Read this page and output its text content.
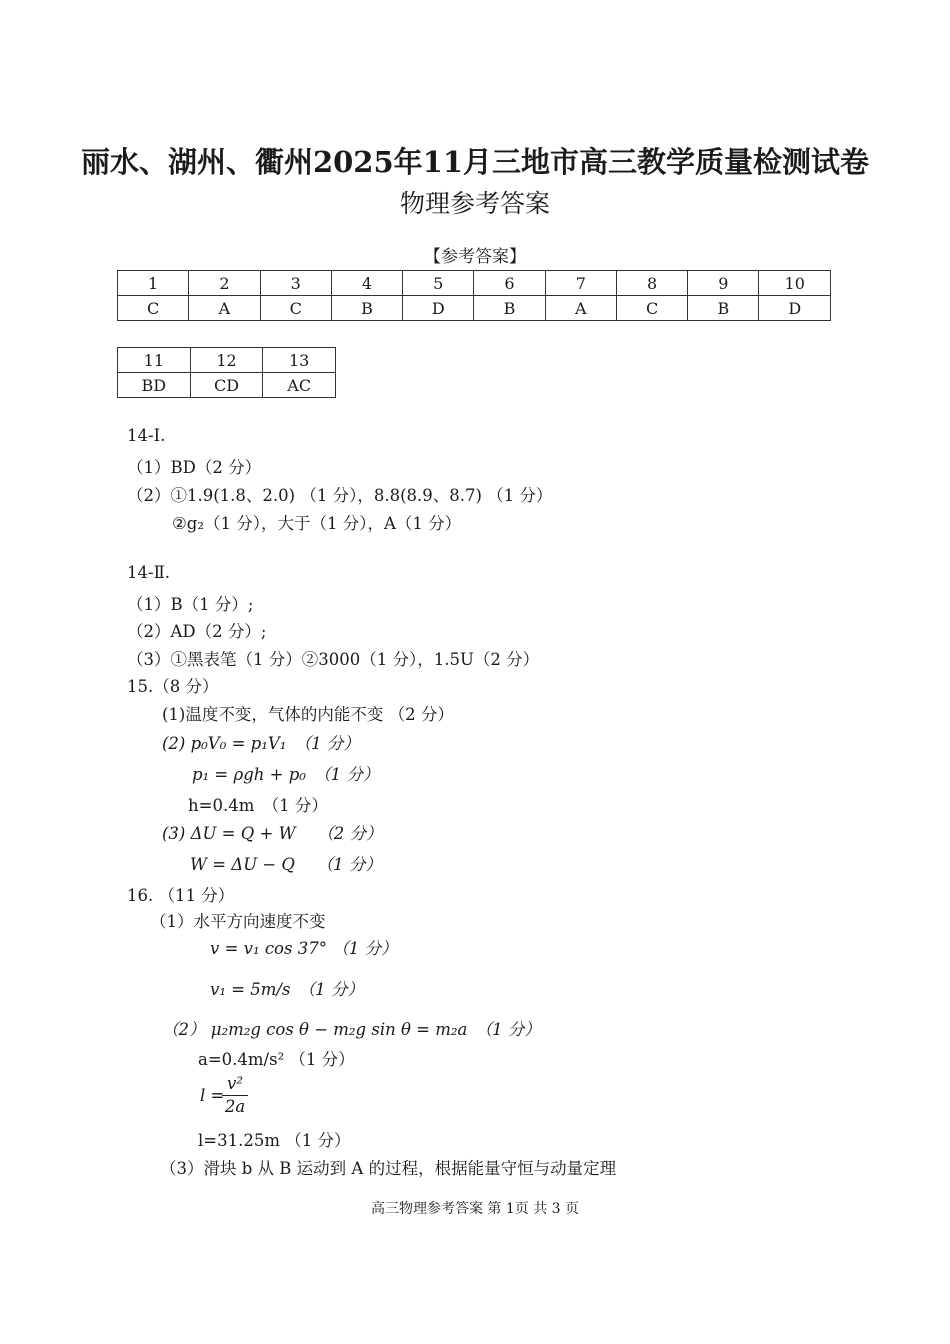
丽水、湖州、衢州2025年11月三地市高三教学质量检测试卷
物理参考答案
【参考答案】
1	2	3	4	5	6	7	8	9	10
C	A	C	B	D	B	A	C	B	D
11	12	13
BD	CD	AC
14-Ⅰ.
（1）BD（2 分）
（2）①1.9(1.8、2.0) （1 分），8.8(8.9、8.7) （1 分）
②g₂（1 分），大于（1 分），A（1 分）
14-Ⅱ.
（1）B（1 分）;
（2）AD（2 分）;
（3）①黑表笔（1 分）②3000（1 分），1.5U（2 分）
15.（8 分）
(1)温度不变，气体的内能不变 （2 分）
(2) p₀V₀ = p₁V₁　（1 分）
p₁ = ρgh + p₀　（1 分）
h=0.4m　（1 分）
(3) ΔU = Q + W　 （2 分）
W = ΔU − Q　 （1 分）
16. （11 分）
（1）水平方向速度不变
v = v₁ cos 37° （1 分）
v₁ = 5m/s　（1 分）
（2） μ₂m₂g cos θ − m₂g sin θ = m₂a　（1 分）
a=0.4m/s² （1 分）
l =
v²
2a
l=31.25m （1 分）
（3）滑块 b 从 B 运动到 A 的过程，根据能量守恒与动量定理
高三物理参考答案 第 1页 共 3 页
